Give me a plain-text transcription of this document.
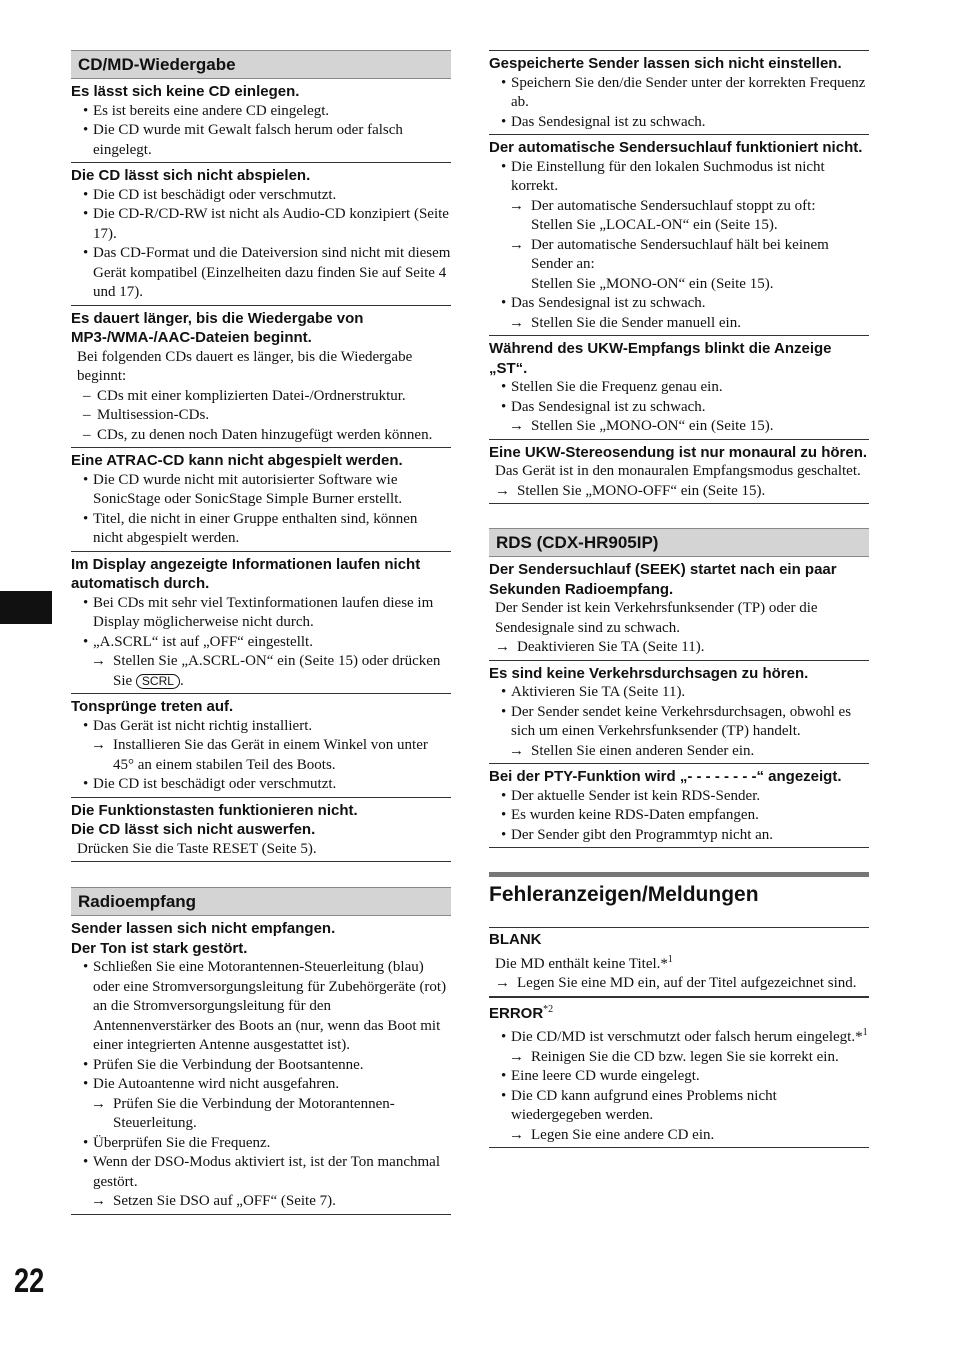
22
CD/MD-Wiedergabe
Es lässt sich keine CD einlegen.
• Es ist bereits eine andere CD eingelegt.
• Die CD wurde mit Gewalt falsch herum oder falsch eingelegt.
Die CD lässt sich nicht abspielen.
• Die CD ist beschädigt oder verschmutzt.
• Die CD-R/CD-RW ist nicht als Audio-CD konzipiert (Seite 17).
• Das CD-Format und die Dateiversion sind nicht mit diesem Gerät kompatibel (Einzelheiten dazu finden Sie auf Seite 4 und 17).
Es dauert länger, bis die Wiedergabe von MP3-/WMA-/AAC-Dateien beginnt.
Bei folgenden CDs dauert es länger, bis die Wiedergabe beginnt:
– CDs mit einer komplizierten Datei-/Ordnerstruktur.
– Multisession-CDs.
– CDs, zu denen noch Daten hinzugefügt werden können.
Eine ATRAC-CD kann nicht abgespielt werden.
• Die CD wurde nicht mit autorisierter Software wie SonicStage oder SonicStage Simple Burner erstellt.
• Titel, die nicht in einer Gruppe enthalten sind, können nicht abgespielt werden.
Im Display angezeigte Informationen laufen nicht automatisch durch.
• Bei CDs mit sehr viel Textinformationen laufen diese im Display möglicherweise nicht durch.
• „A.SCRL“ ist auf „OFF“ eingestellt.
→ Stellen Sie „A.SCRL-ON“ ein (Seite 15) oder drücken Sie SCRL .
Tonsprünge treten auf.
• Das Gerät ist nicht richtig installiert.
→ Installieren Sie das Gerät in einem Winkel von unter 45° an einem stabilen Teil des Boots.
• Die CD ist beschädigt oder verschmutzt.
Die Funktionstasten funktionieren nicht.
Die CD lässt sich nicht auswerfen.
Drücken Sie die Taste RESET (Seite 5).
Radioempfang
Sender lassen sich nicht empfangen.
Der Ton ist stark gestört.
• Schließen Sie eine Motorantennen-Steuerleitung (blau) oder eine Stromversorgungsleitung für Zubehörgeräte (rot) an die Stromversorgungsleitung für den Antennenverstärker des Boots an (nur, wenn das Boot mit einer integrierten Antenne ausgestattet ist).
• Prüfen Sie die Verbindung der Bootsantenne.
• Die Autoantenne wird nicht ausgefahren.
→ Prüfen Sie die Verbindung der Motorantennen-Steuerleitung.
• Überprüfen Sie die Frequenz.
• Wenn der DSO-Modus aktiviert ist, ist der Ton manchmal gestört.
→ Setzen Sie DSO auf „OFF“ (Seite 7).
Gespeicherte Sender lassen sich nicht einstellen.
• Speichern Sie den/die Sender unter der korrekten Frequenz ab.
• Das Sendesignal ist zu schwach.
Der automatische Sendersuchlauf funktioniert nicht.
• Die Einstellung für den lokalen Suchmodus ist nicht korrekt.
→ Der automatische Sendersuchlauf stoppt zu oft:
Stellen Sie „LOCAL-ON“ ein (Seite 15).
→ Der automatische Sendersuchlauf hält bei keinem Sender an:
Stellen Sie „MONO-ON“ ein (Seite 15).
• Das Sendesignal ist zu schwach.
→ Stellen Sie die Sender manuell ein.
Während des UKW-Empfangs blinkt die Anzeige „ST“.
• Stellen Sie die Frequenz genau ein.
• Das Sendesignal ist zu schwach.
→ Stellen Sie „MONO-ON“ ein (Seite 15).
Eine UKW-Stereosendung ist nur monaural zu hören.
Das Gerät ist in den monauralen Empfangsmodus geschaltet.
→ Stellen Sie „MONO-OFF“ ein (Seite 15).
RDS (CDX-HR905IP)
Der Sendersuchlauf (SEEK) startet nach ein paar Sekunden Radioempfang.
Der Sender ist kein Verkehrsfunksender (TP) oder die Sendesignale sind zu schwach.
→ Deaktivieren Sie TA (Seite 11).
Es sind keine Verkehrsdurchsagen zu hören.
• Aktivieren Sie TA (Seite 11).
• Der Sender sendet keine Verkehrsdurchsagen, obwohl es sich um einen Verkehrsfunksender (TP) handelt.
→ Stellen Sie einen anderen Sender ein.
Bei der PTY-Funktion wird „- - - - - - - -“ angezeigt.
• Der aktuelle Sender ist kein RDS-Sender.
• Es wurden keine RDS-Daten empfangen.
• Der Sender gibt den Programmtyp nicht an.
Fehleranzeigen/Meldungen
BLANK
Die MD enthält keine Titel.*$^1$
→ Legen Sie eine MD ein, auf der Titel aufgezeichnet sind.
ERROR$^{*2}$
• Die CD/MD ist verschmutzt oder falsch herum eingelegt.*$^1$
→ Reinigen Sie die CD bzw. legen Sie sie korrekt ein.
• Eine leere CD wurde eingelegt.
• Die CD kann aufgrund eines Problems nicht wiedergegeben werden.
→ Legen Sie eine andere CD ein.
